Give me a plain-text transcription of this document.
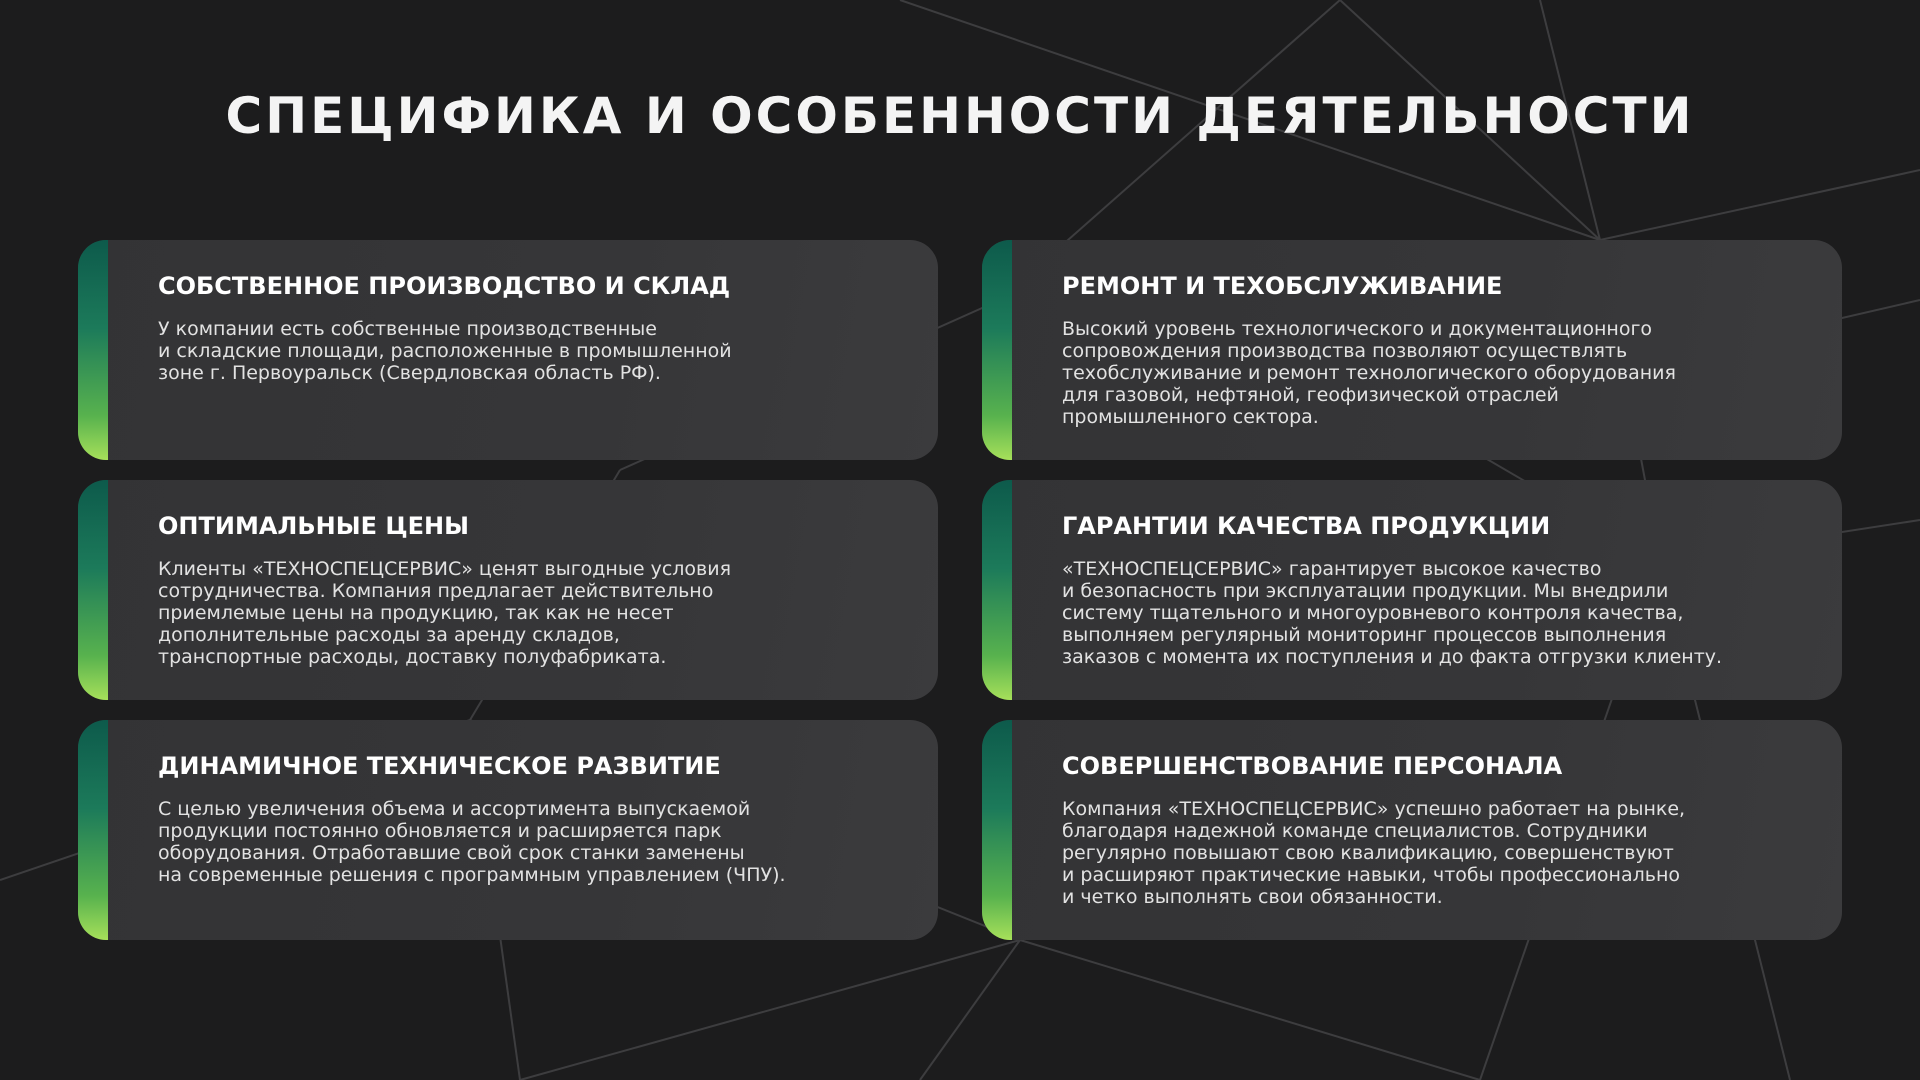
СПЕЦИФИКА И ОСОБЕННОСТИ ДЕЯТЕЛЬНОСТИ
СОБСТВЕННОЕ ПРОИЗВОДСТВО И СКЛАД

У компании есть собственные производственные
и складские площади, расположенные в промышленной
зоне г. Первоуральск (Свердловская область РФ).

РЕМОНТ И ТЕХОБСЛУЖИВАНИЕ

Высокий уровень технологического и документационного
сопровождения производства позволяют осуществлять
техобслуживание и ремонт технологического оборудования
для газовой, нефтяной, геофизической отраслей
промышленного сектора.

ОПТИМАЛЬНЫЕ ЦЕНЫ

Клиенты «ТЕХНОСПЕЦСЕРВИС» ценят выгодные условия
сотрудничества. Компания предлагает действительно
приемлемые цены на продукцию, так как не несет
дополнительные расходы за аренду складов,
транспортные расходы, доставку полуфабриката.

ГАРАНТИИ КАЧЕСТВА ПРОДУКЦИИ

«ТЕХНОСПЕЦСЕРВИС» гарантирует высокое качество
и безопасность при эксплуатации продукции. Мы внедрили
систему тщательного и многоуровневого контроля качества,
выполняем регулярный мониторинг процессов выполнения
заказов с момента их поступления и до факта отгрузки клиенту.

ДИНАМИЧНОЕ ТЕХНИЧЕСКОЕ РАЗВИТИЕ

С целью увеличения объема и ассортимента выпускаемой
продукции постоянно обновляется и расширяется парк
оборудования. Отработавшие свой срок станки заменены
на современные решения с программным управлением (ЧПУ).

СОВЕРШЕНСТВОВАНИЕ ПЕРСОНАЛА

Компания «ТЕХНОСПЕЦСЕРВИС» успешно работает на рынке,
благодаря надежной команде специалистов. Сотрудники
регулярно повышают свою квалификацию, совершенствуют
и расширяют практические навыки, чтобы профессионально
и четко выполнять свои обязанности.
